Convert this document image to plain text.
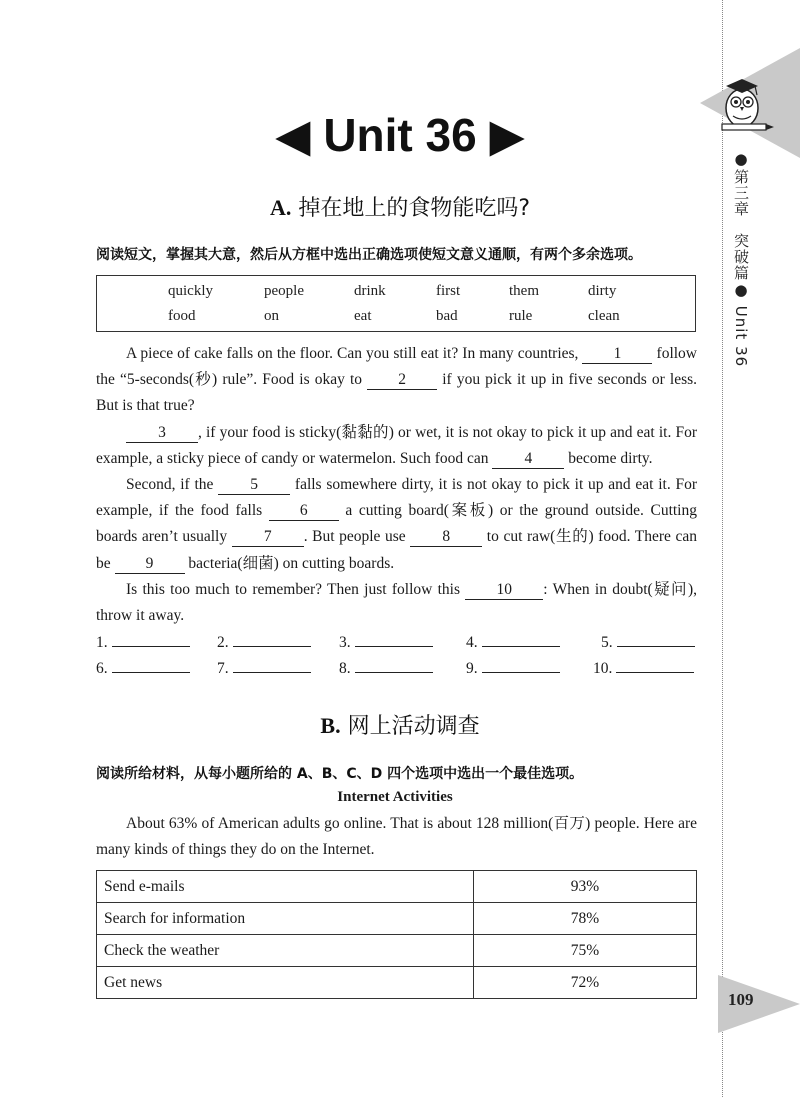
●第三章　突破篇● Unit 36
109
◀ Unit 36 ▶
A. 掉在地上的食物能吃吗?
阅读短文，掌握其大意，然后从方框中选出正确选项使短文意义通顺，有两个多余选项。
quickly	people	drink	first	them	dirty
food	on	eat	bad	rule	clean

A piece of cake falls on the floor. Can you still eat it? In many countries, 1 follow the “5-seconds(秒) rule”. Food is okay to 2 if you pick it up in five seconds or less. But is that true?

3 , if your food is sticky(黏黏的) or wet, it is not okay to pick it up and eat it. For example, a sticky piece of candy or watermelon. Such food can 4 become dirty.

Second, if the 5 falls somewhere dirty, it is not okay to pick it up and eat it. For example, if the food falls 6 a cutting board(案板) or the ground outside. Cutting boards aren’t usually 7 . But people use 8 to cut raw(生的) food. There can be 9 bacteria(细菌) on cutting boards.

Is this too much to remember? Then just follow this 10 : When in doubt(疑问), throw it away.

1.	2.	3.	4.	5.
6.	7.	8.	9.	10.
B. 网上活动调查
阅读所给材料，从每小题所给的 A、B、C、D 四个选项中选出一个最佳选项。
Internet Activities
About 63% of American adults go online. That is about 128 million(百万) people. Here are many kinds of things they do on the Internet.
Send e-mails	93%
Search for information	78%
Check the weather	75%
Get news	72%
